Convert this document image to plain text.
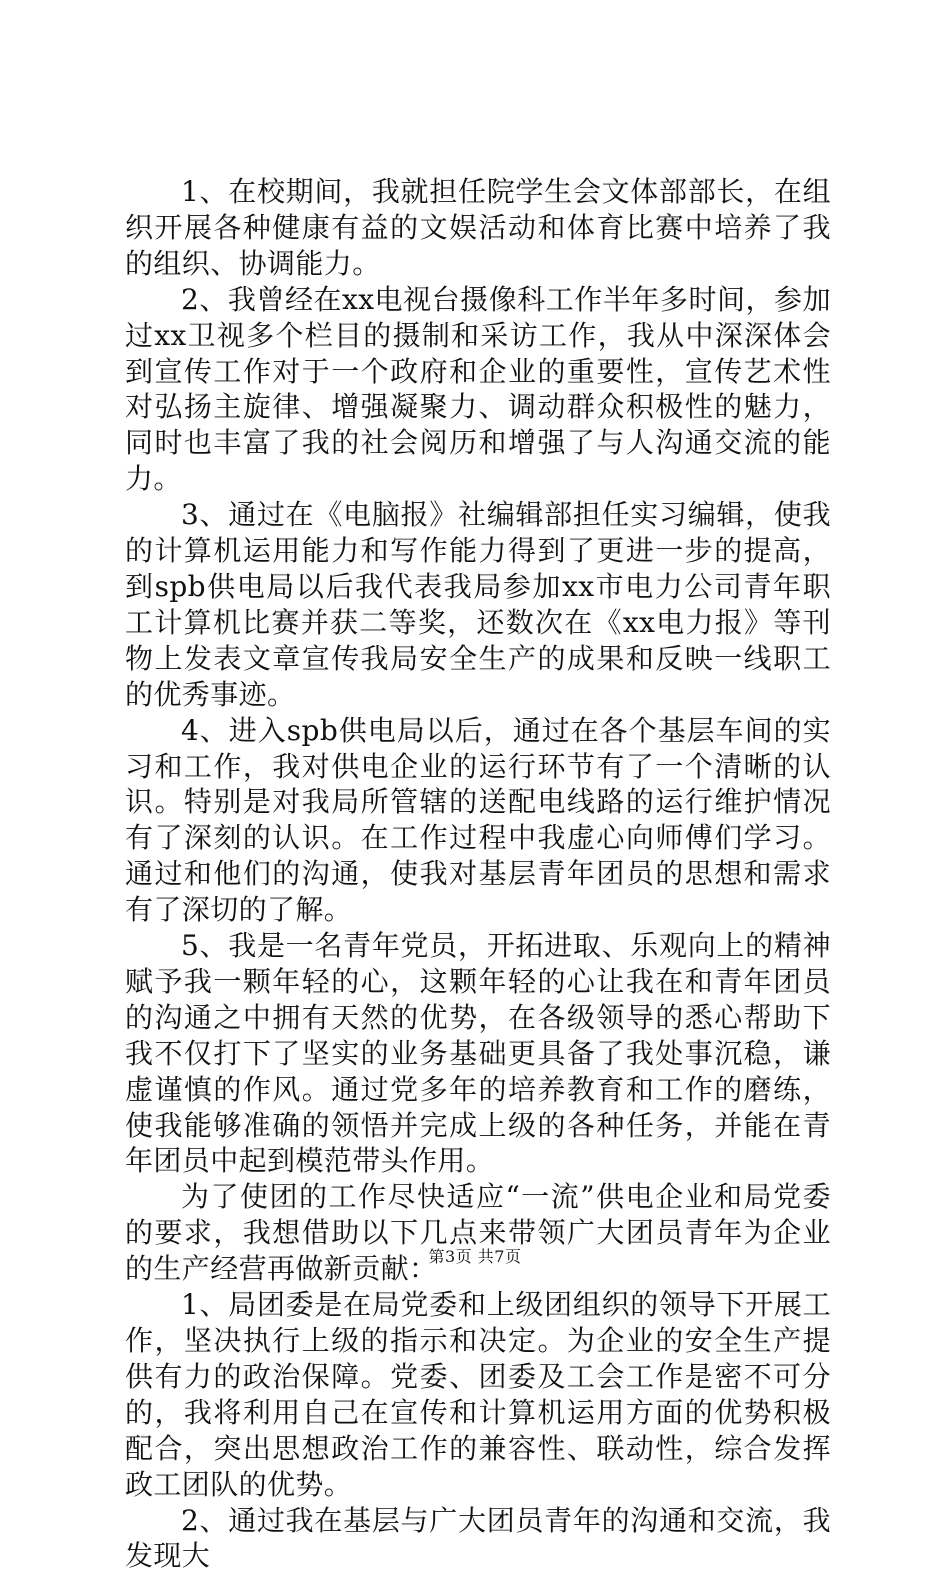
1、在校期间，我就担任院学生会文体部部长，在组织开展各种健康有益的文娱活动和体育比赛中培养了我的组织、协调能力。

2、我曾经在xx电视台摄像科工作半年多时间，参加过xx卫视多个栏目的摄制和采访工作，我从中深深体会到宣传工作对于一个政府和企业的重要性，宣传艺术性对弘扬主旋律、增强凝聚力、调动群众积极性的魅力，同时也丰富了我的社会阅历和增强了与人沟通交流的能力。

3、通过在《电脑报》社编辑部担任实习编辑，使我的计算机运用能力和写作能力得到了更进一步的提高，到spb供电局以后我代表我局参加xx市电力公司青年职工计算机比赛并获二等奖，还数次在《xx电力报》等刊物上发表文章宣传我局安全生产的成果和反映一线职工的优秀事迹。

4、进入spb供电局以后，通过在各个基层车间的实习和工作，我对供电企业的运行环节有了一个清晰的认识。特别是对我局所管辖的送配电线路的运行维护情况有了深刻的认识。在工作过程中我虚心向师傅们学习。通过和他们的沟通，使我对基层青年团员的思想和需求有了深切的了解。

5、我是一名青年党员，开拓进取、乐观向上的精神赋予我一颗年轻的心，这颗年轻的心让我在和青年团员的沟通之中拥有天然的优势，在各级领导的悉心帮助下我不仅打下了坚实的业务基础更具备了我处事沉稳，谦虚谨慎的作风。通过党多年的培养教育和工作的磨练，使我能够准确的领悟并完成上级的各种任务，并能在青年团员中起到模范带头作用。

为了使团的工作尽快适应“一流”供电企业和局党委的要求，我想借助以下几点来带领广大团员青年为企业的生产经营再做新贡献：

1、局团委是在局党委和上级团组织的领导下开展工作，坚决执行上级的指示和决定。为企业的安全生产提供有力的政治保障。党委、团委及工会工作是密不可分的，我将利用自己在宣传和计算机运用方面的优势积极配合，突出思想政治工作的兼容性、联动性，综合发挥政工团队的优势。

2、通过我在基层与广大团员青年的沟通和交流，我发现大

第3页 共7页
